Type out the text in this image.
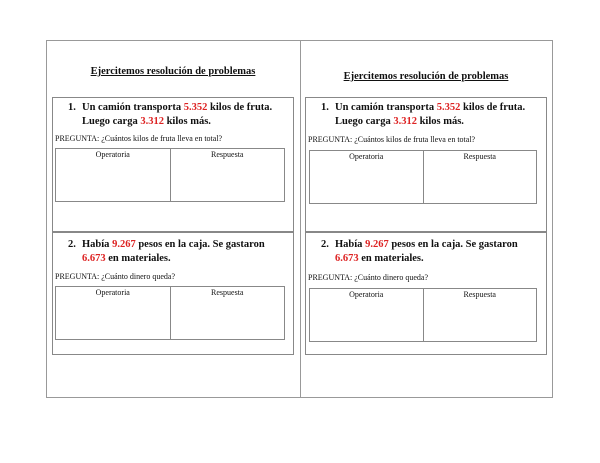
Ejercitemos resolución de problemas
1. Un camión transporta 5.352 kilos de fruta.
Luego carga 3.312 kilos más.
PREGUNTA: ¿Cuántos kilos de fruta lleva en total?
Operatoria	Respuesta
2. Había 9.267 pesos en la caja. Se gastaron
6.673 en materiales.
PREGUNTA: ¿Cuánto dinero queda?
Operatoria	Respuesta
Ejercitemos resolución de problemas
1. Un camión transporta 5.352 kilos de fruta.
Luego carga 3.312 kilos más.
PREGUNTA: ¿Cuántos kilos de fruta lleva en total?
Operatoria	Respuesta
2. Había 9.267 pesos en la caja. Se gastaron
6.673 en materiales.
PREGUNTA: ¿Cuánto dinero queda?
Operatoria	Respuesta
